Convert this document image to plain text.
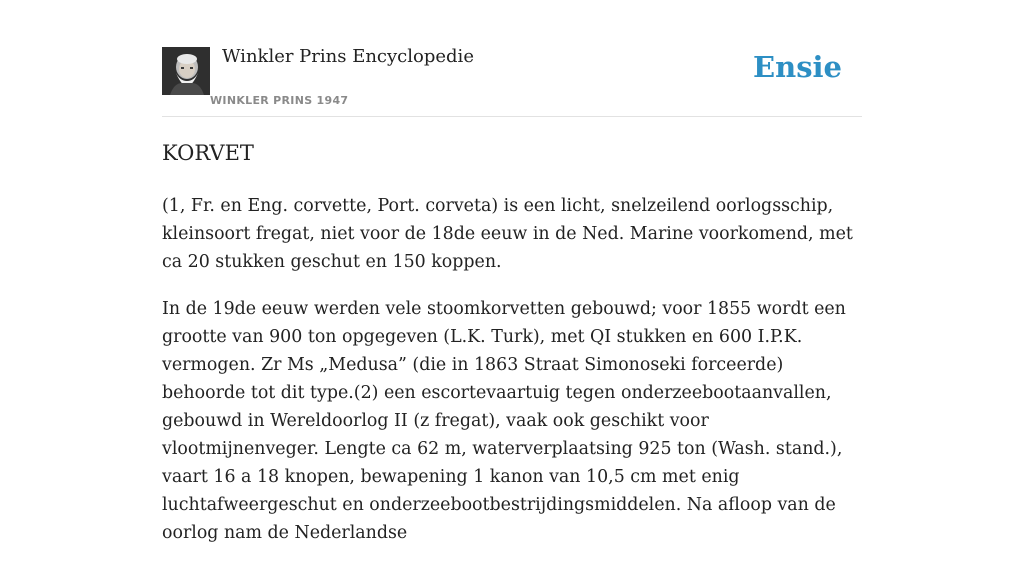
Winkler Prins Encyclopedie
WINKLER PRINS 1947
Ensie
KORVET

(1, Fr. en Eng. corvette, Port. corveta) is een licht, snelzeilend oorlogsschip, kleinsoort fregat, niet voor de 18de eeuw in de Ned. Marine voorkomend, met ca 20 stukken geschut en 150 koppen.

In de 19de eeuw werden vele stoomkorvetten gebouwd; voor 1855 wordt een grootte van 900 ton opgegeven (L.K. Turk), met QI stukken en 600 I.P.K. vermogen. Zr Ms „Medusa” (die in 1863 Straat Simonoseki forceerde) behoorde tot dit type.(2) een escortevaartuig tegen onderzeebootaanvallen, gebouwd in Wereldoorlog II (z fregat), vaak ook geschikt voor vlootmijnenveger. Lengte ca 62 m, waterverplaatsing 925 ton (Wash. stand.), vaart 16 a 18 knopen, bewapening 1 kanon van 10,5 cm met enig luchtafweergeschut en onderzeebootbestrijdingsmiddelen. Na afloop van de oorlog nam de Nederlandse
